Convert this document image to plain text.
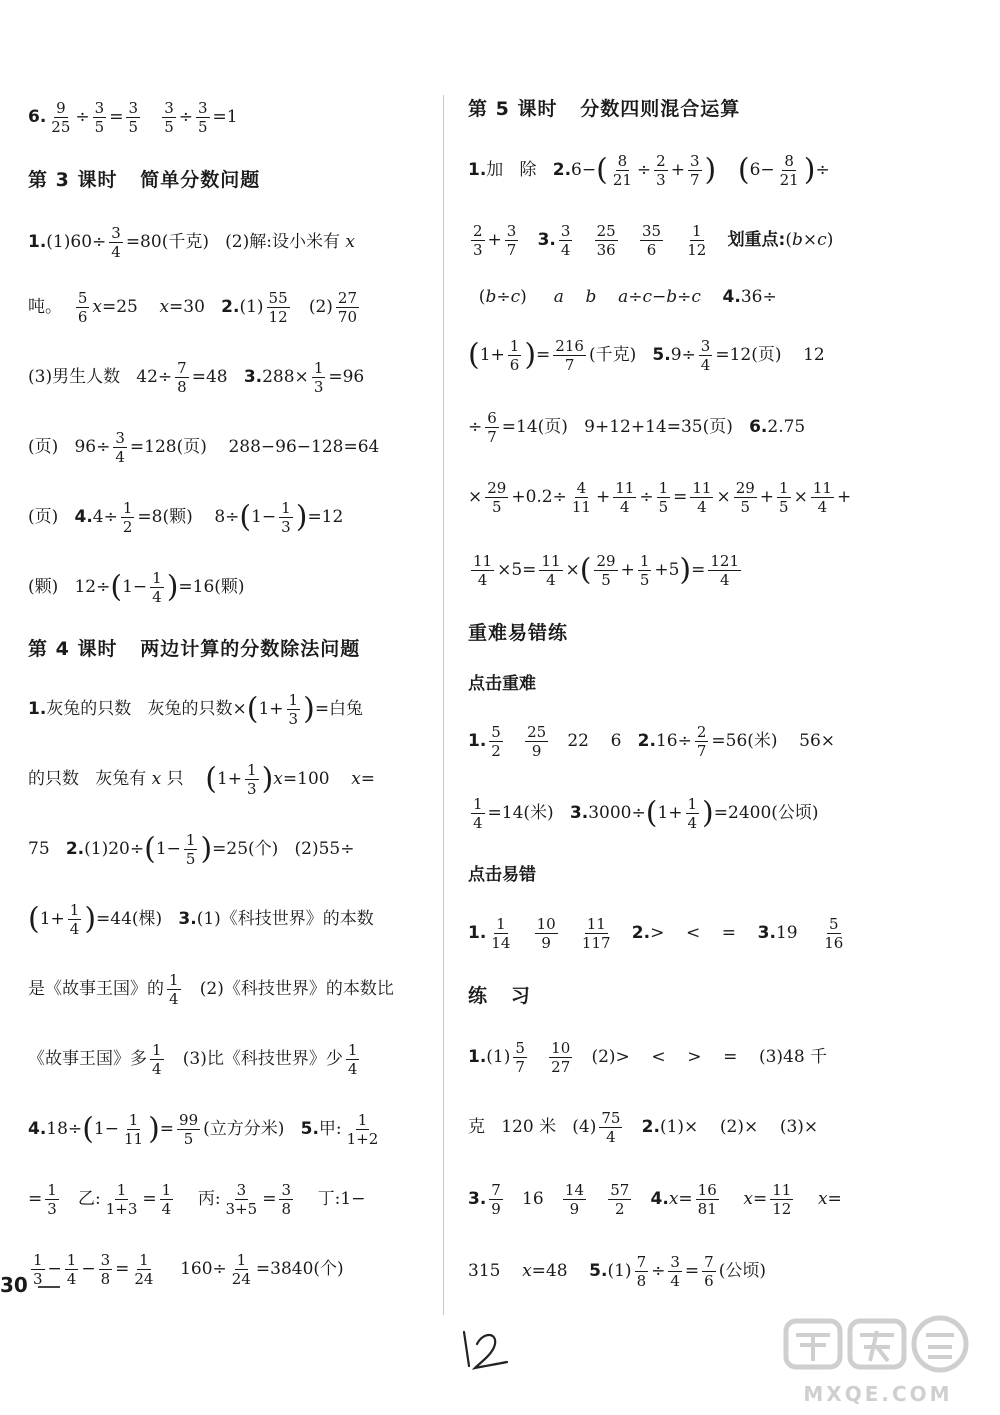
6. $\frac{9}{25} \div \frac{3}{5} = \frac{3}{5}$
$\frac{3}{5} \div \frac{3}{5} =1$
第 3 课时   简单分数问题
$1.(1)60\div \frac{3}{4} =80$(千克)   (2)解:设小米有 x
吨。 $\frac{5}{6} x=25$    x=30   $2.(1) \frac{55}{12} (2) \frac{27}{70}$
(3)男生人数   $42\div \frac{7}{8} =48$   $3.288\times \frac{1}{3} =96$
(页)   $96\div \frac{3}{4} =128$(页)    288−96−128=64
(页)   $4.4\div \frac{1}{2} =8$(颗)    $8\div(1- \frac{1}{3} )=12$
(颗)   $12\div(1- \frac{1}{4} )=16$(颗)
第 4 课时   两边计算的分数除法问题
1.灰兔的只数   灰兔的只数$\times(1+ \frac{1}{3}$ )=白兔
的只数   灰兔有 x 只    $(1+ \frac{1}{3} )x=100$    x=
75   $2.(1)20\div(1- \frac{1}{5} )=25$(个)   (2)55÷
$(1+ \frac{1}{4} )=44$(棵)   3.(1)《科技世界》的本数
是《故事王国》的 $\frac{1}{4} (2)$《科技世界》的本数比
《故事王国》多 $\frac{1}{4} (3)$比《科技世界》少 $\frac{1}{4}$
$4.18\div(1- \frac{1}{11}$ )= $\frac{99}{5}$ (立方分米)   5.甲: $\frac{1}{1+2}$
= $\frac{1}{3}$ 乙: $\frac{1}{1+3} = \frac{1}{4}$ 丙: $\frac{3}{3+5} = \frac{3}{8}$ 丁:1−
$\frac{1}{3} - \frac{1}{4} - \frac{3}{8} = \frac{1}{24} 160\div \frac{1}{24} =3840$(个)
第 5 课时   分数四则混合运算
1.加   除   $2.6-( \frac{8}{21} \div \frac{2}{3} + \frac{3}{7}$ ) ($6- \frac{8}{21}$ )÷
$\frac{2}{3} + \frac{3}{7} 3$. $\frac{3}{4}$
$\frac{25}{36}$
$\frac{35}{6}$
$\frac{1}{12}$ 划重点:(b×c)
(b÷c)     a b a÷c−b÷c 4.36÷
($1+ \frac{1}{6}$ )= $\frac{216}{7}$ (千克)   $5.9\div \frac{3}{4} =12$(页)    12
÷ $\frac{6}{7} =14$(页)   9+12+14=35(页)   6.2.75
× $\frac{29}{5} +0.2\div \frac{4}{11} + \frac{11}{4} \div \frac{1}{5} = \frac{11}{4} \times \frac{29}{5} + \frac{1}{5} \times \frac{11}{4}$ +
$\frac{11}{4} \times 5= \frac{11}{4}$ ×( $\frac{29}{5} + \frac{1}{5} +5)= \frac{121}{4}$
重难易错练
点击重难
1. $\frac{5}{2}$
$\frac{25}{9} 22$    6   $2.16\div \frac{2}{7} =56$(米)    56×
$\frac{1}{4} =14$(米)   $3.3000\div(1+ \frac{1}{4} )=2400$(公顷)
点击易错
1. $\frac{1}{14}$
$\frac{10}{9}$
$\frac{11}{117} 2.>$    <    =    $3.19 \frac{5}{16}$
练   习
$1.(1) \frac{5}{7}$
$\frac{10}{27} (2)>$    <    >    =    (3)48 千
克   120 米   $(4) \frac{75}{4} 2.(1)\times$    (2)×    (3)×
3. $\frac{7}{9} 16 \frac{14}{9}$
$\frac{57}{2} 4.x= \frac{16}{81} x= \frac{11}{12} x=$
315    x=48    $5.(1) \frac{7}{8} \div \frac{3}{4} = \frac{7}{6}$ (公顷)
30
MXQE.COM
